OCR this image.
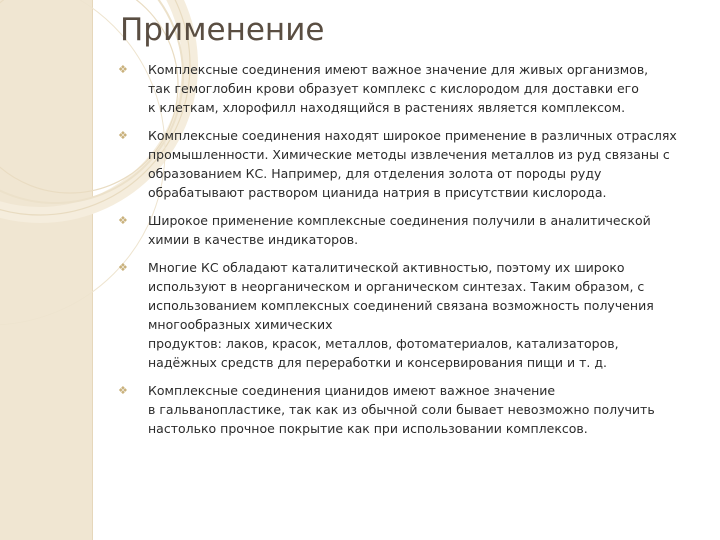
Применение
❖ Комплексные соединения имеют важное значение для живых организмов,
так гемоглобин крови образует комплекс с кислородом для доставки его
к клеткам, хлорофилл находящийся в растениях является комплексом.
❖ Комплексные соединения находят широкое применение в различных отраслях
промышленности. Химические методы извлечения металлов из руд связаны с
образованием КС. Например, для отделения золота от породы руду
обрабатывают раствором цианида натрия в присутствии кислорода.
❖ Широкое применение комплексные соединения получили в аналитической
химии в качестве индикаторов.
❖ Многие КС обладают каталитической активностью, поэтому их широко
используют в неорганическом и органическом синтезах. Таким образом, с
использованием комплексных соединений связана возможность получения
многообразных химических
продуктов: лаков, красок, металлов, фотоматериалов, катализаторов,
надёжных средств для переработки и консервирования пищи и т. д.
❖ Комплексные соединения цианидов имеют важное значение
в гальванопластике, так как из обычной соли бывает невозможно получить
настолько прочное покрытие как при использовании комплексов.
